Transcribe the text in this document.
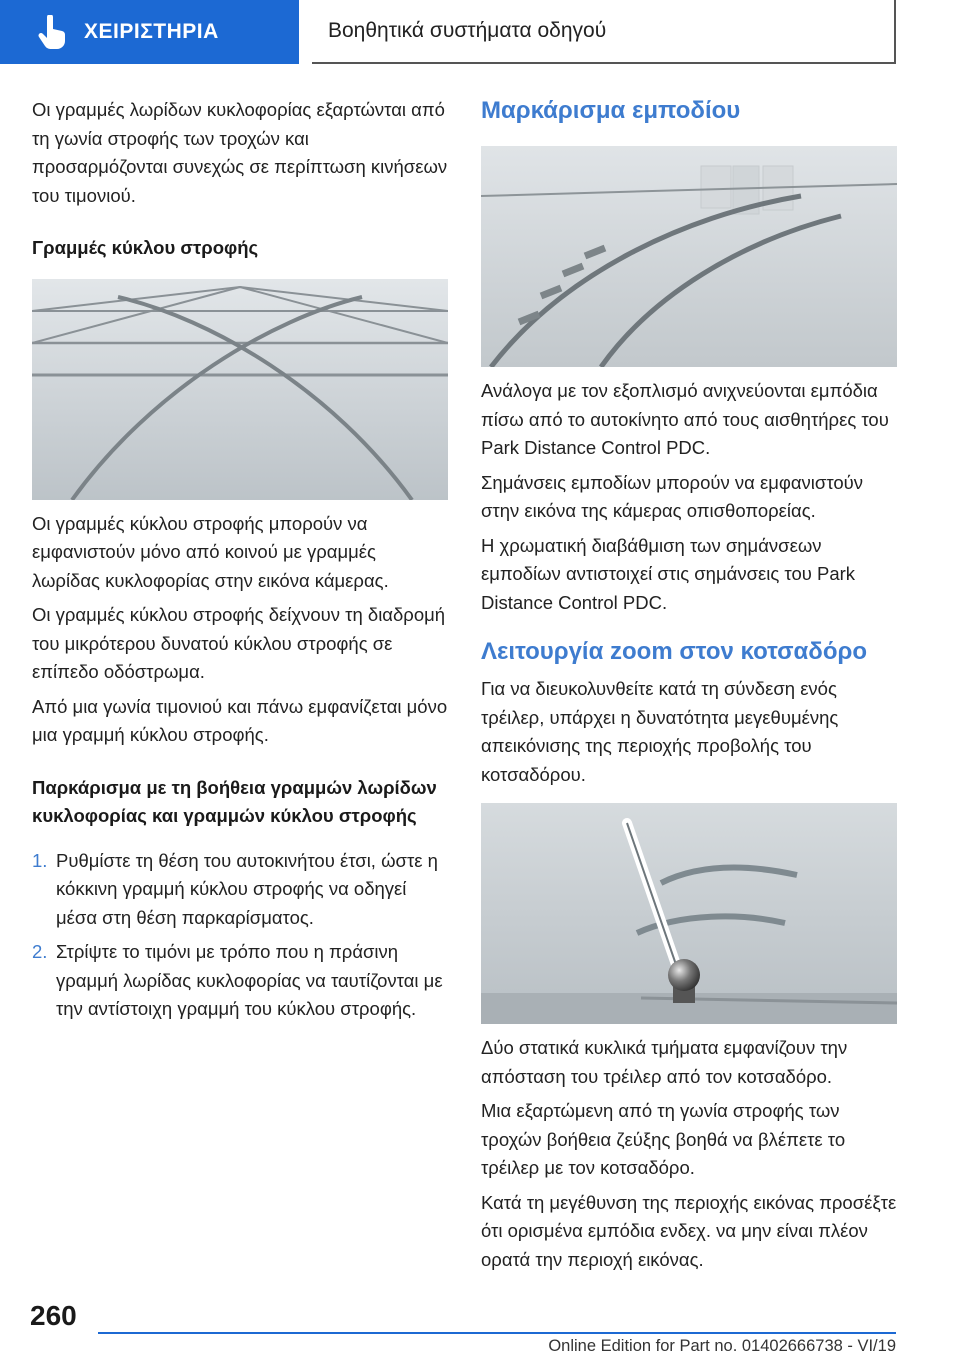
ΧΕΙΡΙΣΤΗΡΙΑ	Βοηθητικά συστήματα οδηγού

Οι γραμμές λωρίδων κυκλοφορίας εξαρτώνται από τη γωνία στροφής των τροχών και προσαρμόζονται συνεχώς σε περίπτωση κινήσεων του τιμονιού.

Γραμμές κύκλου στροφής

Οι γραμμές κύκλου στροφής μπορούν να εμφανιστούν μόνο από κοινού με γραμμές λωρίδας κυκλοφορίας στην εικόνα κάμερας.

Οι γραμμές κύκλου στροφής δείχνουν τη διαδρομή του μικρότερου δυνατού κύκλου στροφής σε επίπεδο οδόστρωμα.

Από μια γωνία τιμονιού και πάνω εμφανίζεται μόνο μια γραμμή κύκλου στροφής.

Παρκάρισμα με τη βοήθεια γραμμών λωρίδων κυκλοφορίας και γραμμών κύκλου στροφής
1. Ρυθμίστε τη θέση του αυτοκινήτου έτσι, ώστε η κόκκινη γραμμή κύκλου στροφής να οδηγεί μέσα στη θέση παρκαρίσματος.
2. Στρίψτε το τιμόνι με τρόπο που η πράσινη γραμμή λωρίδας κυκλοφορίας να ταυτίζονται με την αντίστοιχη γραμμή του κύκλου στροφής.
Μαρκάρισμα εμποδίου

Ανάλογα με τον εξοπλισμό ανιχνεύονται εμπόδια πίσω από το αυτοκίνητο από τους αισθητήρες του Park Distance Control PDC.

Σημάνσεις εμποδίων μπορούν να εμφανιστούν στην εικόνα της κάμερας οπισθοπορείας.

Η χρωματική διαβάθμιση των σημάνσεων εμποδίων αντιστοιχεί στις σημάνσεις του Park Distance Control PDC.

Λειτουργία zoom στον κοτσαδόρο

Για να διευκολυνθείτε κατά τη σύνδεση ενός τρέιλερ, υπάρχει η δυνατότητα μεγεθυμένης απεικόνισης της περιοχής προβολής του κοτσαδόρου.

Δύο στατικά κυκλικά τμήματα εμφανίζουν την απόσταση του τρέιλερ από τον κοτσαδόρο.

Μια εξαρτώμενη από τη γωνία στροφής των τροχών βοήθεια ζεύξης βοηθά να βλέπετε το τρέιλερ με τον κοτσαδόρο.

Κατά τη μεγέθυνση της περιοχής εικόνας προσέξτε ότι ορισμένα εμπόδια ενδεχ. να μην είναι πλέον ορατά την περιοχή εικόνας.

260
Online Edition for Part no. 01402666738 - VI/19
